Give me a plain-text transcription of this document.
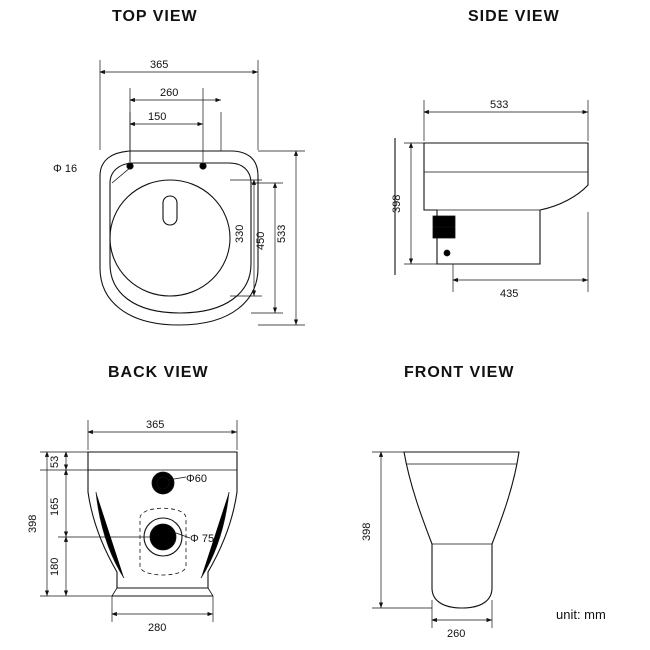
TOP VIEW	SIDE VIEW
BACK VIEW	FRONT VIEW
unit: mm
Φ 16
365
260
150
533
450
330
533
398
435
Φ60
Φ 75
365
398
53
165
180
280
398
260
